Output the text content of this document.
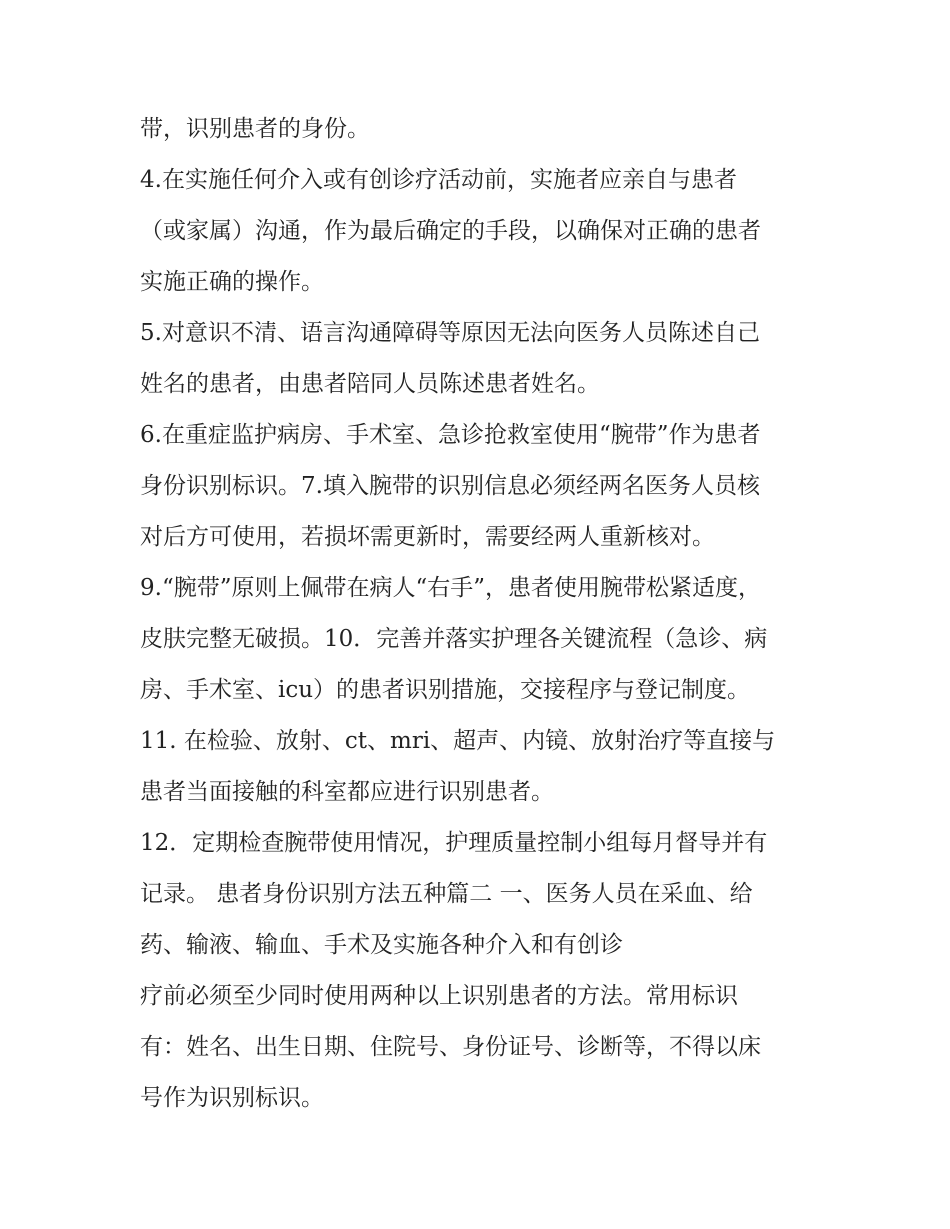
带，识别患者的身份。
4.在实施任何介入或有创诊疗活动前，实施者应亲自与患者
（或家属）沟通，作为最后确定的手段，以确保对正确的患者
实施正确的操作。
5.对意识不清、语言沟通障碍等原因无法向医务人员陈述自己
姓名的患者，由患者陪同人员陈述患者姓名。
6.在重症监护病房、手术室、急诊抢救室使用“腕带”作为患者
身份识别标识。7.填入腕带的识别信息必须经两名医务人员核
对后方可使用，若损坏需更新时，需要经两人重新核对。
9.“腕带”原则上佩带在病人“右手”，患者使用腕带松紧适度，
皮肤完整无破损。10．完善并落实护理各关键流程（急诊、病
房、手术室、icu）的患者识别措施，交接程序与登记制度。
11. 在检验、放射、ct、mri、超声、内镜、放射治疗等直接与
患者当面接触的科室都应进行识别患者。
12．定期检查腕带使用情况，护理质量控制小组每月督导并有
记录。 患者身份识别方法五种篇二 一、医务人员在采血、给
药、输液、输血、手术及实施各种介入和有创诊
疗前必须至少同时使用两种以上识别患者的方法。常用标识
有：姓名、出生日期、住院号、身份证号、诊断等，不得以床
号作为识别标识。
